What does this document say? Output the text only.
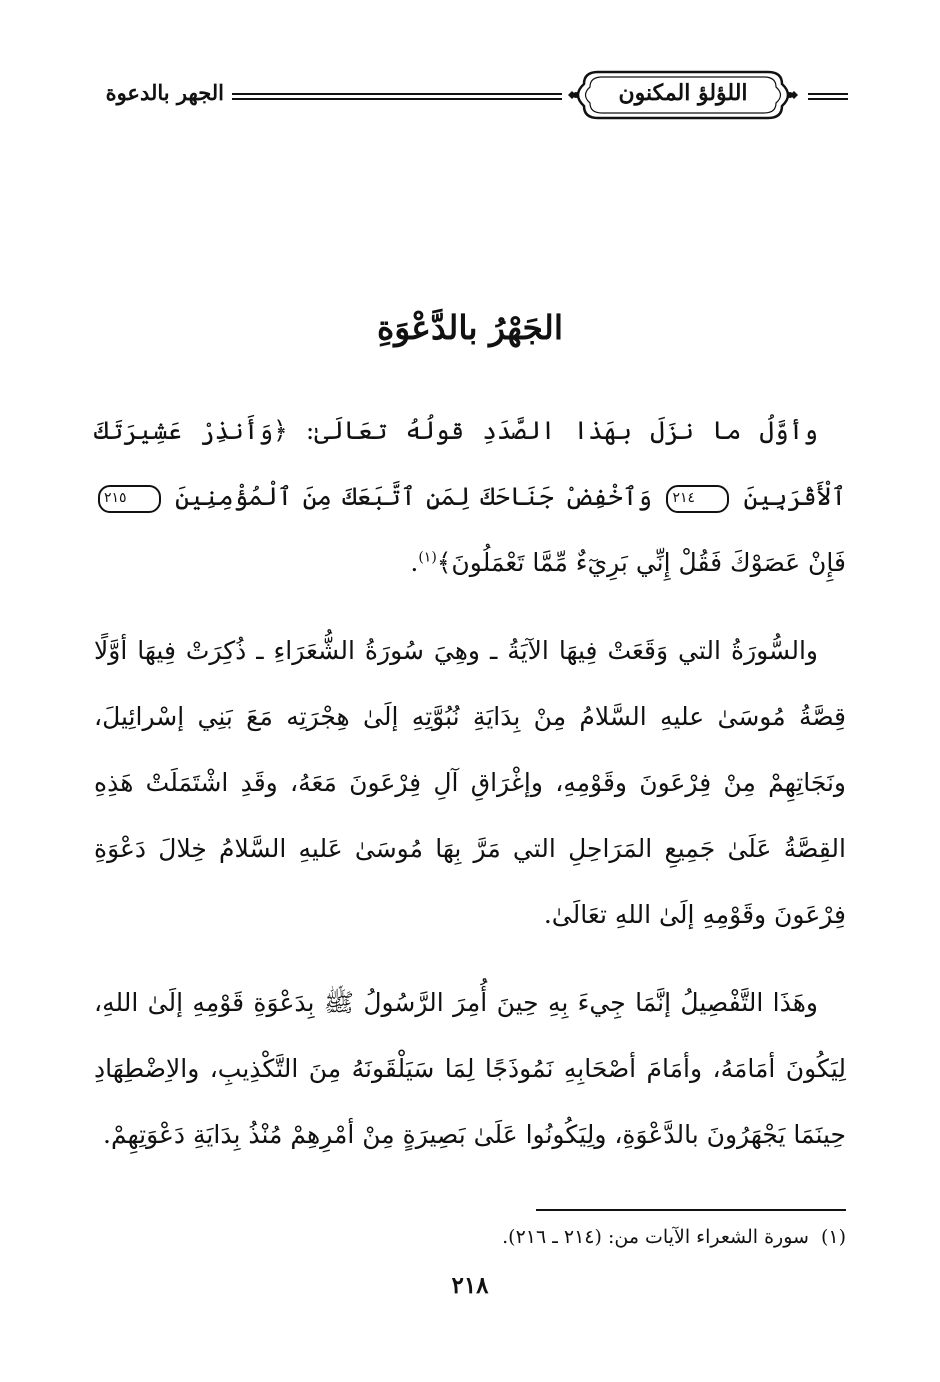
اللؤلؤ المكنون
الجهر بالدعوة
الجَهْرُ بالدَّعْوَةِ

وأوَّلُ ما نزَلَ بهَذا الصَّدَدِ قولُهُ تعَالَىٰ: ﴿وَأَنذِرْ عَشِيرَتَكَ ٱلْأَقْرَبِينَ ٢١٤ وَٱخْفِضْ جَنَاحَكَ لِمَنِ ٱتَّبَعَكَ مِنَ ٱلْمُؤْمِنِينَ ٢١٥ فَإِنْ عَصَوْكَ فَقُلْ إِنِّي بَرِيٓءٌ مِّمَّا تَعْمَلُونَ﴾$^{(١)}$.

والسُّورَةُ التي وَقَعَتْ فِيهَا الآيَةُ ـ وهِيَ سُورَةُ الشُّعَرَاءِ ـ ذُكِرَتْ فِيهَا أوَّلًا قِصَّةُ مُوسَىٰ عليهِ السَّلامُ مِنْ بِدَايَةِ نُبُوَّتِهِ إلَىٰ هِجْرَتِه مَعَ بَنِي إسْرائِيلَ، ونَجَاتِهِمْ مِنْ فِرْعَونَ وقَوْمِهِ، وإغْرَاقِ آلِ فِرْعَونَ مَعَهُ، وقَدِ اشْتَمَلَتْ هَذِهِ القِصَّةُ عَلَىٰ جَمِيعِ المَرَاحِلِ التي مَرَّ بِهَا مُوسَىٰ عَليهِ السَّلامُ خِلالَ دَعْوَةِ فِرْعَونَ وقَوْمِهِ إلَىٰ اللهِ تعَالَىٰ.

وهَذَا التَّفْصِيلُ إنَّمَا جِيءَ بِهِ حِينَ أُمِرَ الرَّسُولُ ﷺ بِدَعْوَةِ قَوْمِهِ إلَىٰ اللهِ، لِيَكُونَ أمَامَهُ، وأمَامَ أصْحَابِهِ نَمُوذَجًا لِمَا سَيَلْقَونَهُ مِنَ التَّكْذِيبِ، والاِضْطِهَادِ حِينَمَا يَجْهَرُونَ بالدَّعْوَةِ، ولِيَكُونُوا عَلَىٰ بَصِيرَةٍ مِنْ أمْرِهِمْ مُنْذُ بِدَايَةِ دَعْوَتِهِمْ.

(١)سورة الشعراء الآيات من: (٢١٤ ـ ٢١٦).
٢١٨
